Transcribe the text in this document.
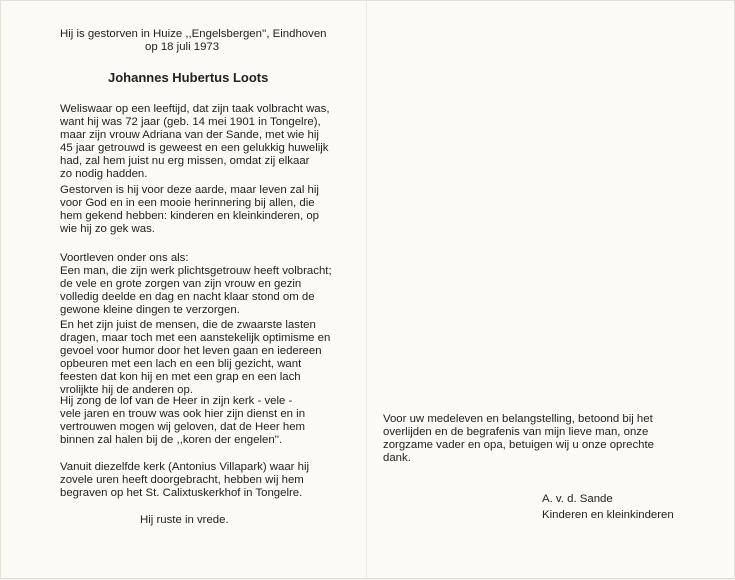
Hij is gestorven in Huize ,,Engelsbergen'', Eindhoven
op 18 juli 1973
Johannes Hubertus Loots
Weliswaar op een leeftijd, dat zijn taak volbracht was,
want hij was 72 jaar (geb. 14 mei 1901 in Tongelre),
maar zijn vrouw Adriana van der Sande, met wie hij
45 jaar getrouwd is geweest en een gelukkig huwelijk
had, zal hem juist nu erg missen, omdat zij elkaar
zo nodig hadden.
Gestorven is hij voor deze aarde, maar leven zal hij
voor God en in een mooie herinnering bij allen, die
hem gekend hebben: kinderen en kleinkinderen, op
wie hij zo gek was.
Voortleven onder ons als:
Een man, die zijn werk plichtsgetrouw heeft volbracht;
de vele en grote zorgen van zijn vrouw en gezin
volledig deelde en dag en nacht klaar stond om de
gewone kleine dingen te verzorgen.
En het zijn juist de mensen, die de zwaarste lasten
dragen, maar toch met een aanstekelijk optimisme en
gevoel voor humor door het leven gaan en iedereen
opbeuren met een lach en een blij gezicht, want
feesten dat kon hij en met een grap en een lach
vrolijkte hij de anderen op.
Hij zong de lof van de Heer in zijn kerk - vele -
vele jaren en trouw was ook hier zijn dienst en in
vertrouwen mogen wij geloven, dat de Heer hem
binnen zal halen bij de ,,koren der engelen''.
Vanuit diezelfde kerk (Antonius Villapark) waar hij
zovele uren heeft doorgebracht, hebben wij hem
begraven op het St. Calixtuskerkhof in Tongelre.
Hij ruste in vrede.
Voor uw medeleven en belangstelling, betoond bij het
overlijden en de begrafenis van mijn lieve man, onze
zorgzame vader en opa, betuigen wij u onze oprechte
dank.
A. v. d. Sande
Kinderen en kleinkinderen
